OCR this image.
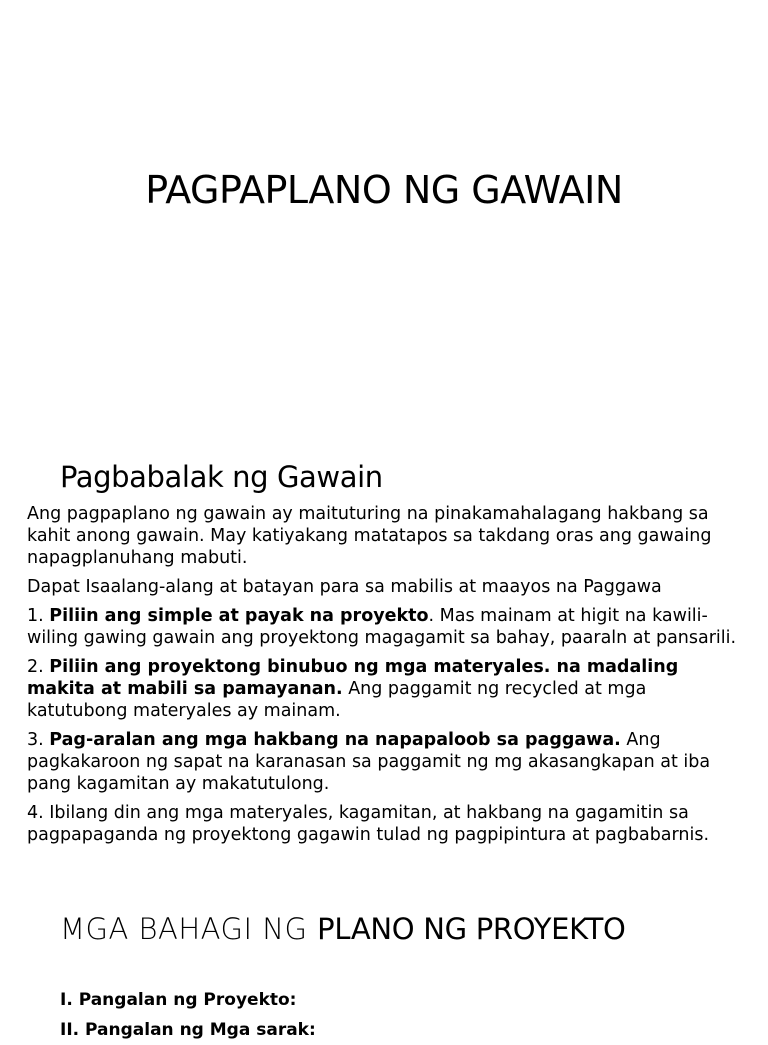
PAGPAPLANO NG GAWAIN
Pagbabalak ng Gawain

Ang pagpaplano ng gawain ay maituturing na pinakamahalagang hakbang sa kahit anong gawain. May katiyakang matatapos sa takdang oras ang gawaing napagplanuhang mabuti.

Dapat Isaalang-alang at batayan para sa mabilis at maayos na Paggawa

1. Piliin ang simple at payak na proyekto. Mas mainam at higit na kawili-wiling gawing gawain ang proyektong magagamit sa bahay, paaraln at pansarili.

2. Piliin ang proyektong binubuo ng mga materyales. na madaling makita at mabili sa pamayanan. Ang paggamit ng recycled at mga katutubong materyales ay mainam.

3. Pag-aralan ang mga hakbang na napapaloob sa paggawa. Ang pagkakaroon ng sapat na karanasan sa paggamit ng mg akasangkapan at iba pang kagamitan ay makatutulong.

4. Ibilang din ang mga materyales, kagamitan, at hakbang na gagamitin sa pagpapaganda ng proyektong gagawin tulad ng pagpipintura at pagbabarnis.

MGA BAHAGI NG PLANO NG PROYEKTO
I. Pangalan ng Proyekto:
II. Pangalan ng Mga sarak:
